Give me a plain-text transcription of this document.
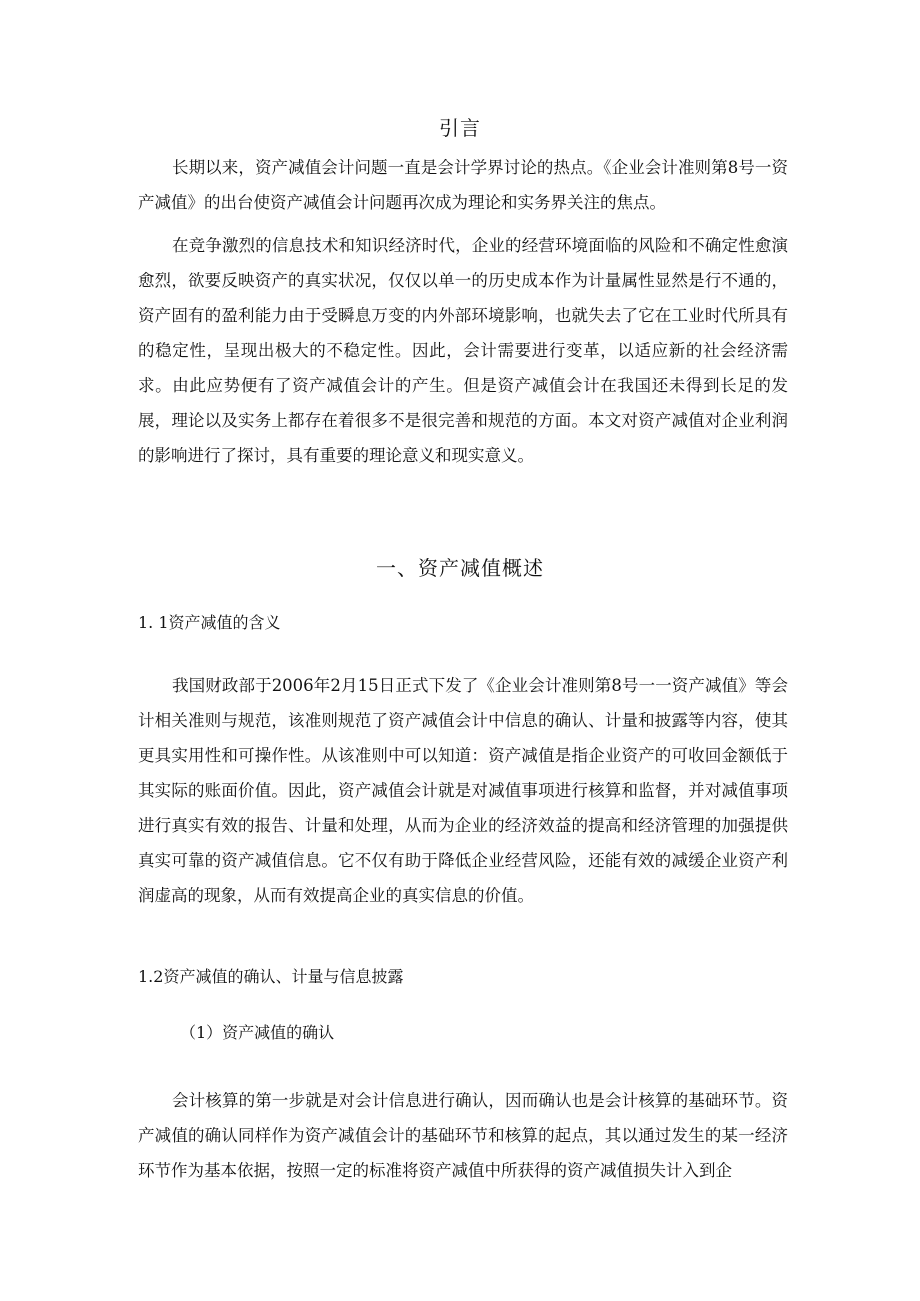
引言

长期以来，资产减值会计问题一直是会计学界讨论的热点。《企业会计准则第8号一资产减值》的出台使资产减值会计问题再次成为理论和实务界关注的焦点。

在竞争激烈的信息技术和知识经济时代，企业的经营环境面临的风险和不确定性愈演愈烈，欲要反映资产的真实状况，仅仅以单一的历史成本作为计量属性显然是行不通的，资产固有的盈利能力由于受瞬息万变的内外部环境影响，也就失去了它在工业时代所具有的稳定性，呈现出极大的不稳定性。因此，会计需要进行变革，以适应新的社会经济需求。由此应势便有了资产减值会计的产生。但是资产减值会计在我国还未得到长足的发展，理论以及实务上都存在着很多不是很完善和规范的方面。本文对资产减值对企业利润的影响进行了探讨，具有重要的理论意义和现实意义。

一、资产减值概述
1. 1资产减值的含义

我国财政部于2006年2月15日正式下发了《企业会计准则第8号一一资产减值》等会计相关准则与规范，该准则规范了资产减值会计中信息的确认、计量和披露等内容，使其更具实用性和可操作性。从该准则中可以知道：资产减值是指企业资产的可收回金额低于其实际的账面价值。因此，资产减值会计就是对减值事项进行核算和监督，并对减值事项进行真实有效的报告、计量和处理，从而为企业的经济效益的提高和经济管理的加强提供真实可靠的资产减值信息。它不仅有助于降低企业经营风险，还能有效的减缓企业资产利润虚高的现象，从而有效提高企业的真实信息的价值。

1.2资产减值的确认、计量与信息披露
（1）资产减值的确认

会计核算的第一步就是对会计信息进行确认，因而确认也是会计核算的基础环节。资产减值的确认同样作为资产减值会计的基础环节和核算的起点，其以通过发生的某一经济环节作为基本依据，按照一定的标准将资产减值中所获得的资产减值损失计入到企
